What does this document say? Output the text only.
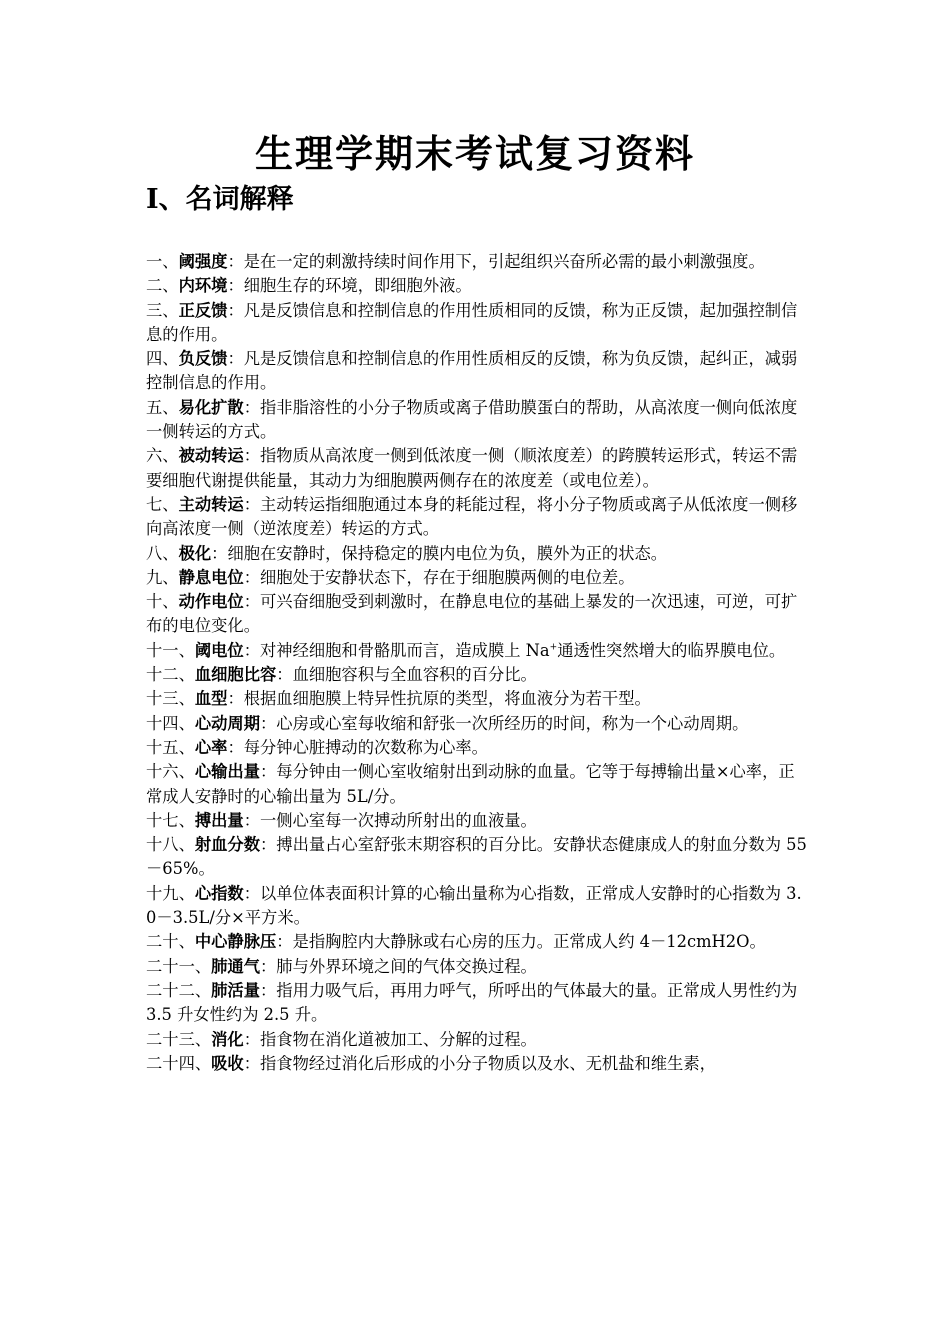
生理学期末考试复习资料
Ⅰ、名词解释
一、阈强度：是在一定的刺激持续时间作用下，引起组织兴奋所必需的最小刺激强度。
二、内环境：细胞生存的环境，即细胞外液。
三、正反馈：凡是反馈信息和控制信息的作用性质相同的反馈，称为正反馈，起加强控制信息的作用。
四、负反馈：凡是反馈信息和控制信息的作用性质相反的反馈，称为负反馈，起纠正，减弱控制信息的作用。
五、易化扩散：指非脂溶性的小分子物质或离子借助膜蛋白的帮助，从高浓度一侧向低浓度一侧转运的方式。
六、被动转运：指物质从高浓度一侧到低浓度一侧（顺浓度差）的跨膜转运形式，转运不需要细胞代谢提供能量，其动力为细胞膜两侧存在的浓度差（或电位差）。
七、主动转运：主动转运指细胞通过本身的耗能过程，将小分子物质或离子从低浓度一侧移向高浓度一侧（逆浓度差）转运的方式。
八、极化：细胞在安静时，保持稳定的膜内电位为负，膜外为正的状态。
九、静息电位：细胞处于安静状态下，存在于细胞膜两侧的电位差。
十、动作电位：可兴奋细胞受到刺激时，在静息电位的基础上暴发的一次迅速，可逆，可扩布的电位变化。
十一、阈电位：对神经细胞和骨骼肌而言，造成膜上 Na+通透性突然增大的临界膜电位。
十二、血细胞比容：血细胞容积与全血容积的百分比。
十三、血型：根据血细胞膜上特异性抗原的类型，将血液分为若干型。
十四、心动周期：心房或心室每收缩和舒张一次所经历的时间，称为一个心动周期。
十五、心率：每分钟心脏搏动的次数称为心率。
十六、心输出量：每分钟由一侧心室收缩射出到动脉的血量。它等于每搏输出量×心率，正常成人安静时的心输出量为 5L/分。
十七、搏出量：一侧心室每一次搏动所射出的血液量。
十八、射血分数：搏出量占心室舒张末期容积的百分比。安静状态健康成人的射血分数为 55－65%。
十九、心指数：以单位体表面积计算的心输出量称为心指数，正常成人安静时的心指数为 3.0－3.5L/分×平方米。
二十、中心静脉压：是指胸腔内大静脉或右心房的压力。正常成人约 4－12cmH2O。
二十一、肺通气：肺与外界环境之间的气体交换过程。
二十二、肺活量：指用力吸气后，再用力呼气，所呼出的气体最大的量。正常成人男性约为 3.5 升女性约为 2.5 升。
二十三、消化：指食物在消化道被加工、分解的过程。
二十四、吸收：指食物经过消化后形成的小分子物质以及水、无机盐和维生素，
